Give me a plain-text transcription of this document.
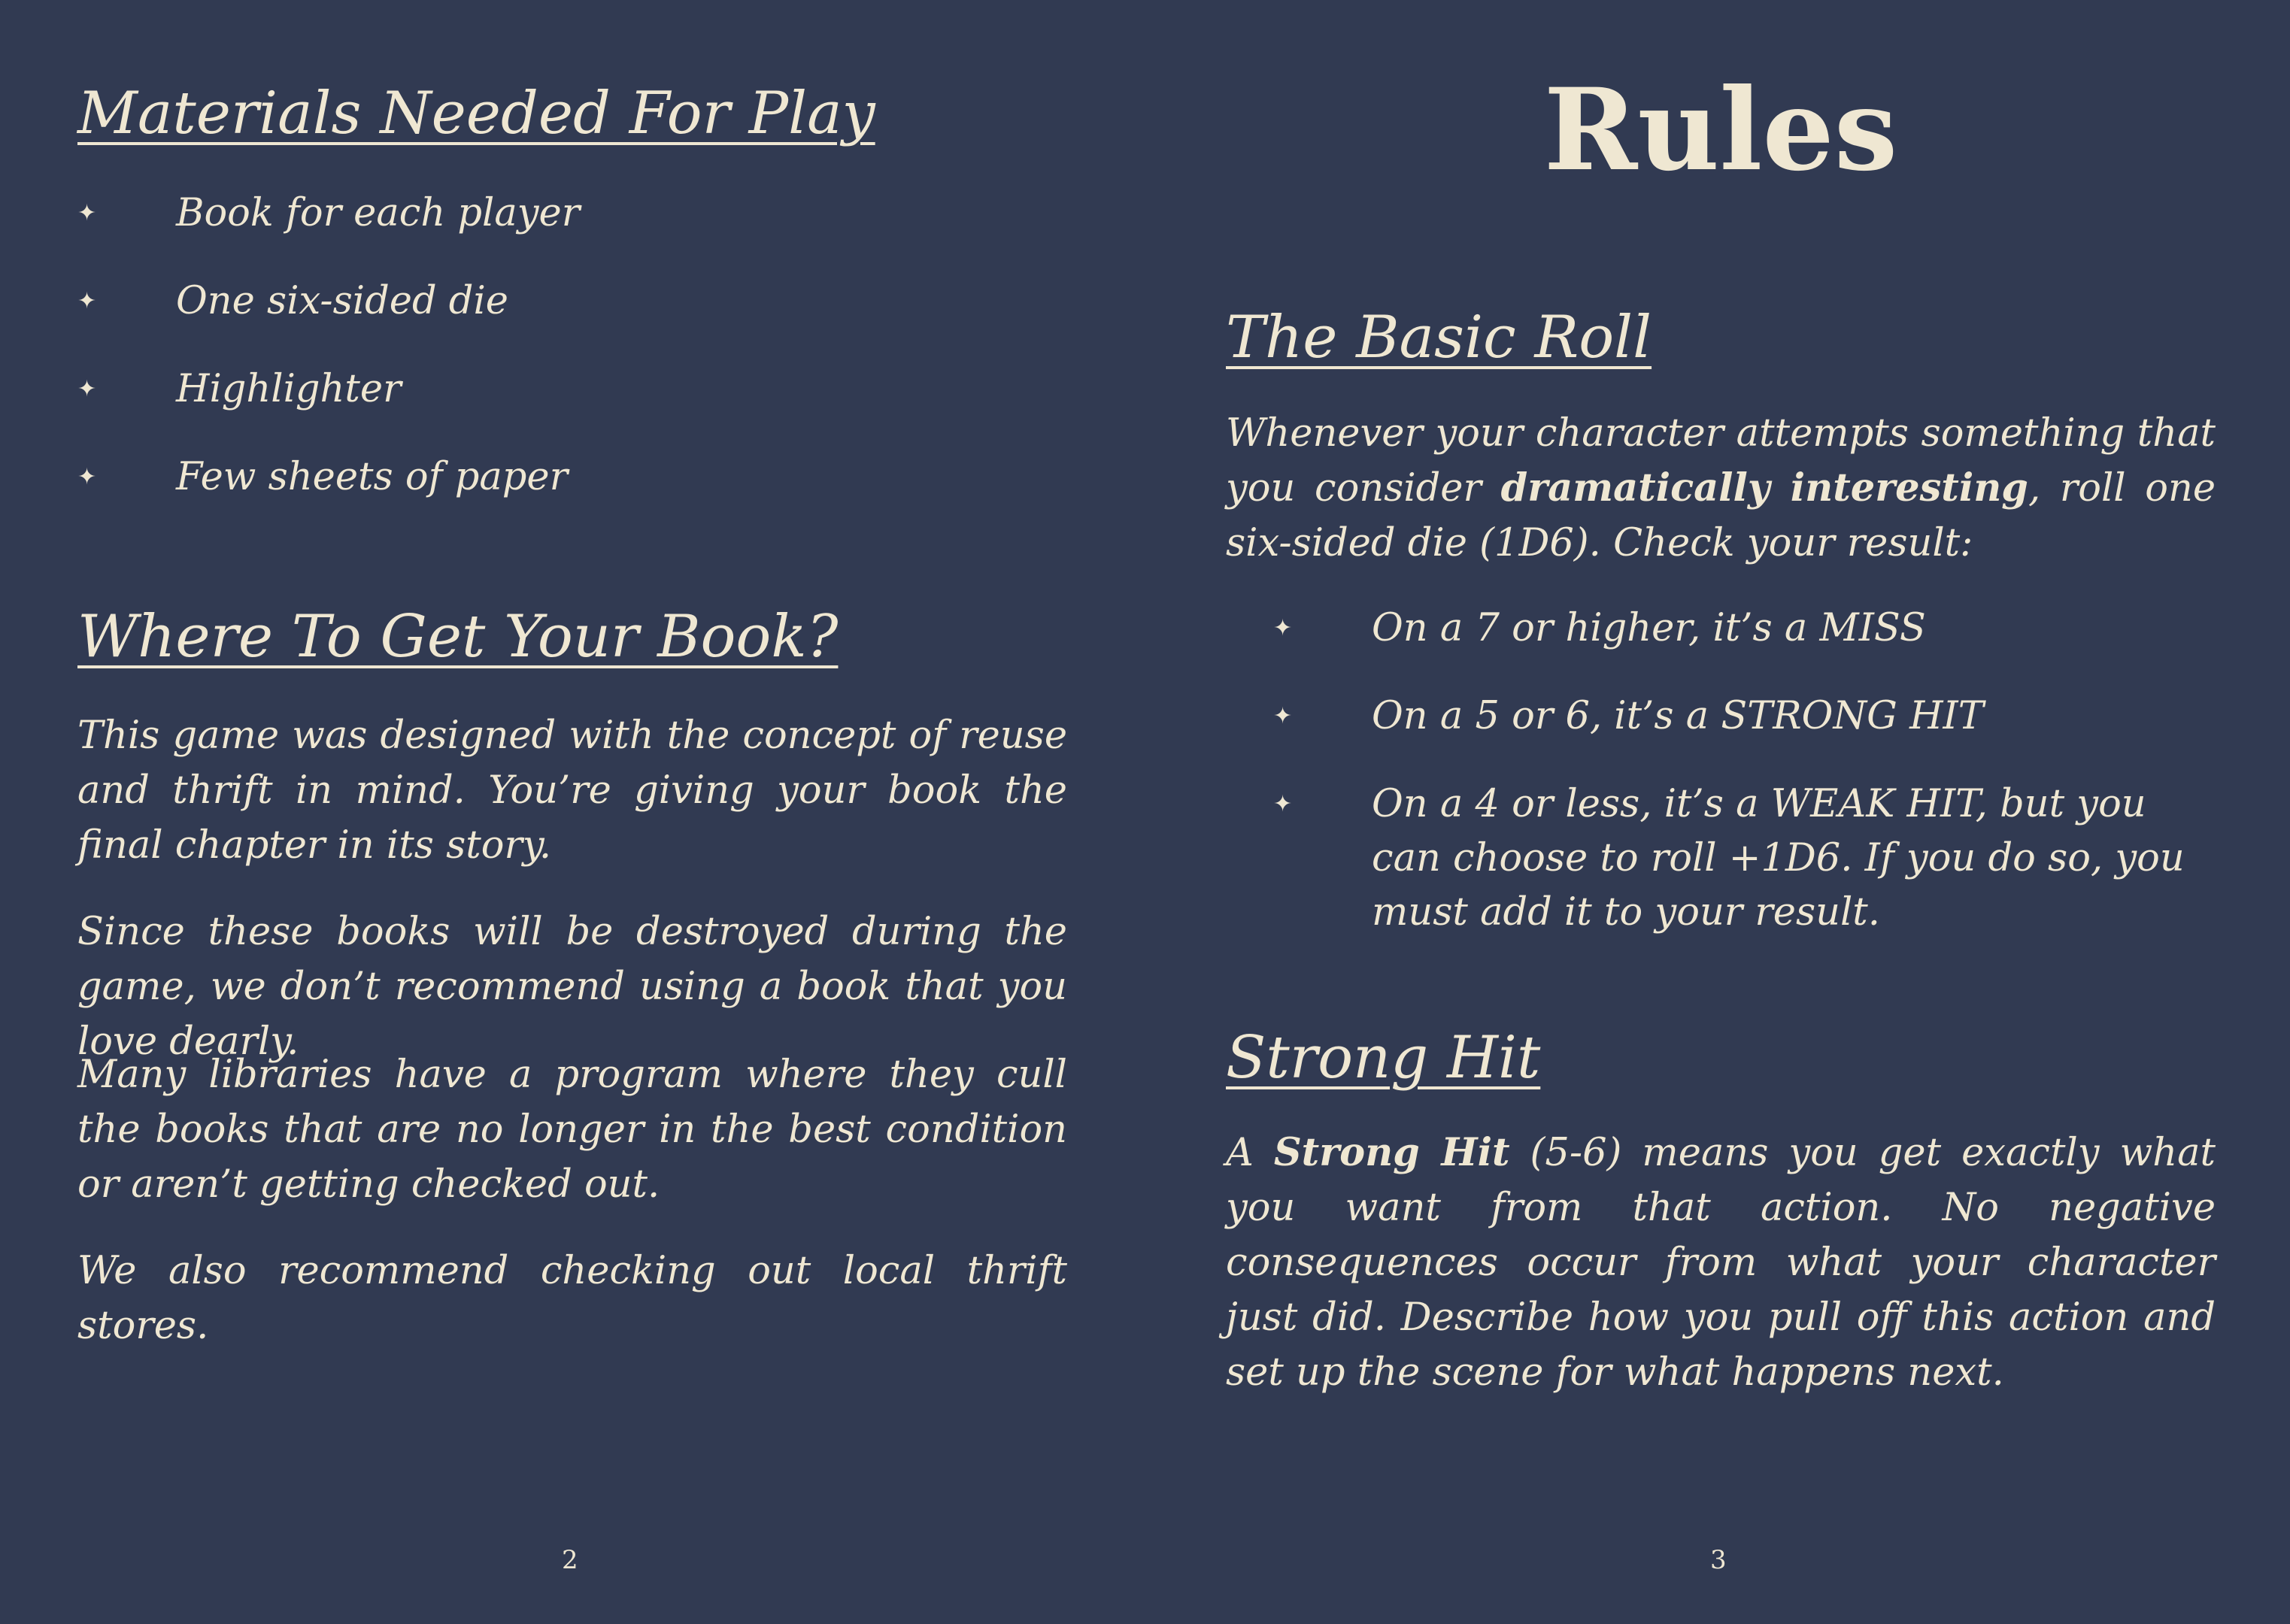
Materials Needed For Play
✦ Book for each player
✦ One six-sided die
✦ Highlighter
✦ Few sheets of paper
Where To Get Your Book?

This game was designed with the concept of reuse and thrift in mind. You’re giving your book the final chapter in its story.

Since these books will be destroyed during the game, we don’t recommend using a book that you love dearly.

Many libraries have a program where they cull the books that are no longer in the best condition or aren’t getting checked out.

We also recommend checking out local thrift stores.

2
Rules
The Basic Roll

Whenever your character attempts something that you consider dramatically interesting, roll one six-sided die (1D6). Check your result:

✦ On a 7 or higher, it’s a MISS
✦ On a 5 or 6, it’s a STRONG HIT
✦ On a 4 or less, it’s a WEAK HIT, but you can choose to roll +1D6. If you do so, you must add it to your result.
Strong Hit

A Strong Hit (5-6) means you get exactly what you want from that action. No negative consequences occur from what your character just did. Describe how you pull off this action and set up the scene for what happens next.

3
